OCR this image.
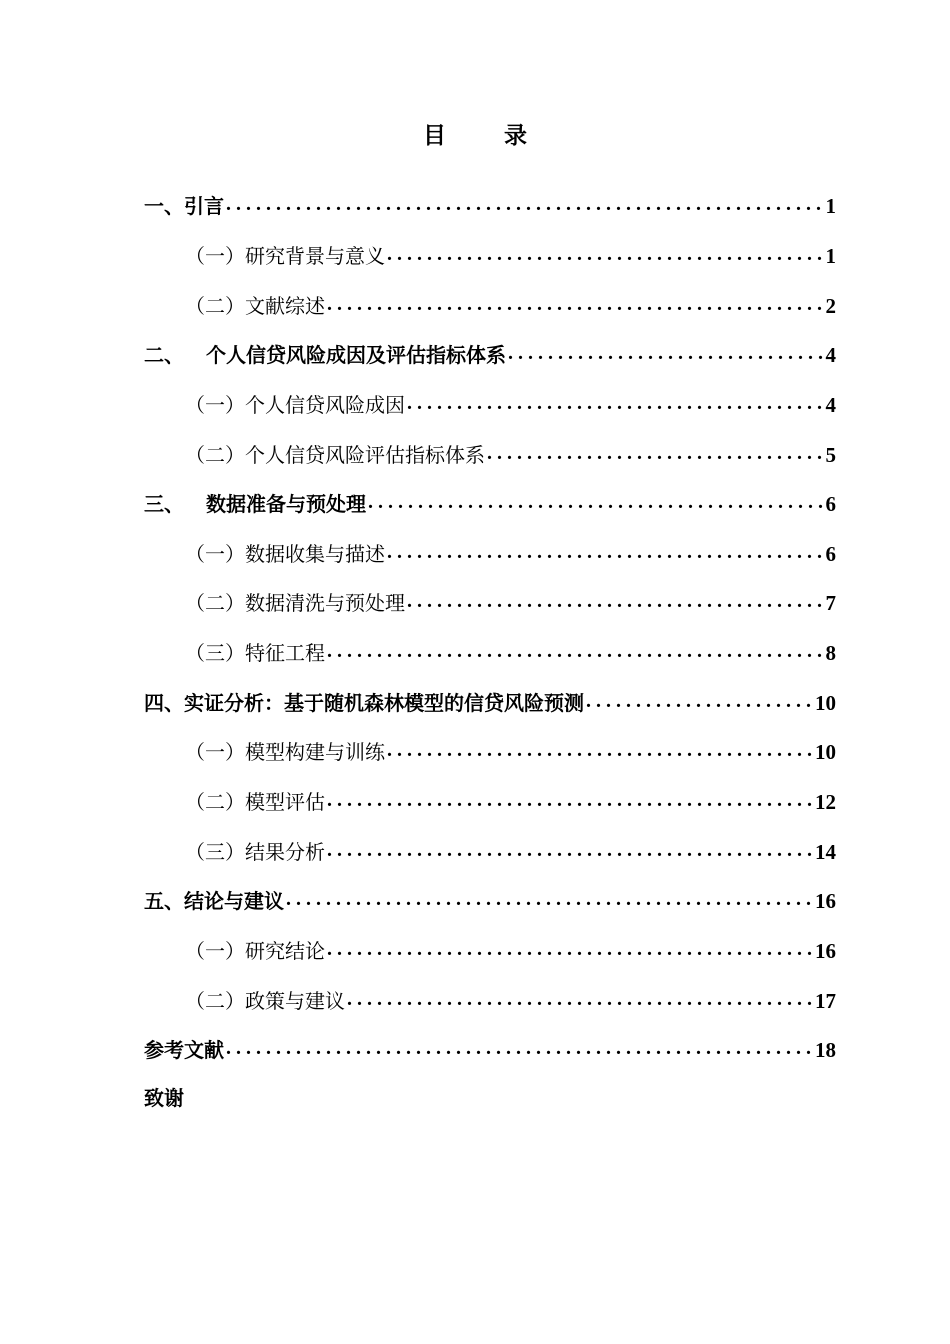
目	录
一、引言 . . .	1
（一）研究背景与意义 . . .	1
（二）文献综述 . . .	2
二、 个人信贷风险成因及评估指标体系 . . .	4
（一）个人信贷风险成因 . . .	4
（二）个人信贷风险评估指标体系 . . .	5
三、 数据准备与预处理 . . .	6
（一）数据收集与描述 . . .	6
（二）数据清洗与预处理 . . .	7
（三）特征工程 . . .	8
四、实证分析：基于随机森林模型的信贷风险预测 . . .	10
（一）模型构建与训练 . . .	10
（二）模型评估 . . .	12
（三）结果分析 . . .	14
五、结论与建议 . . .	16
（一）研究结论 . . .	16
（二）政策与建议 . . .	17
参考文献 . . .	18
致谢
